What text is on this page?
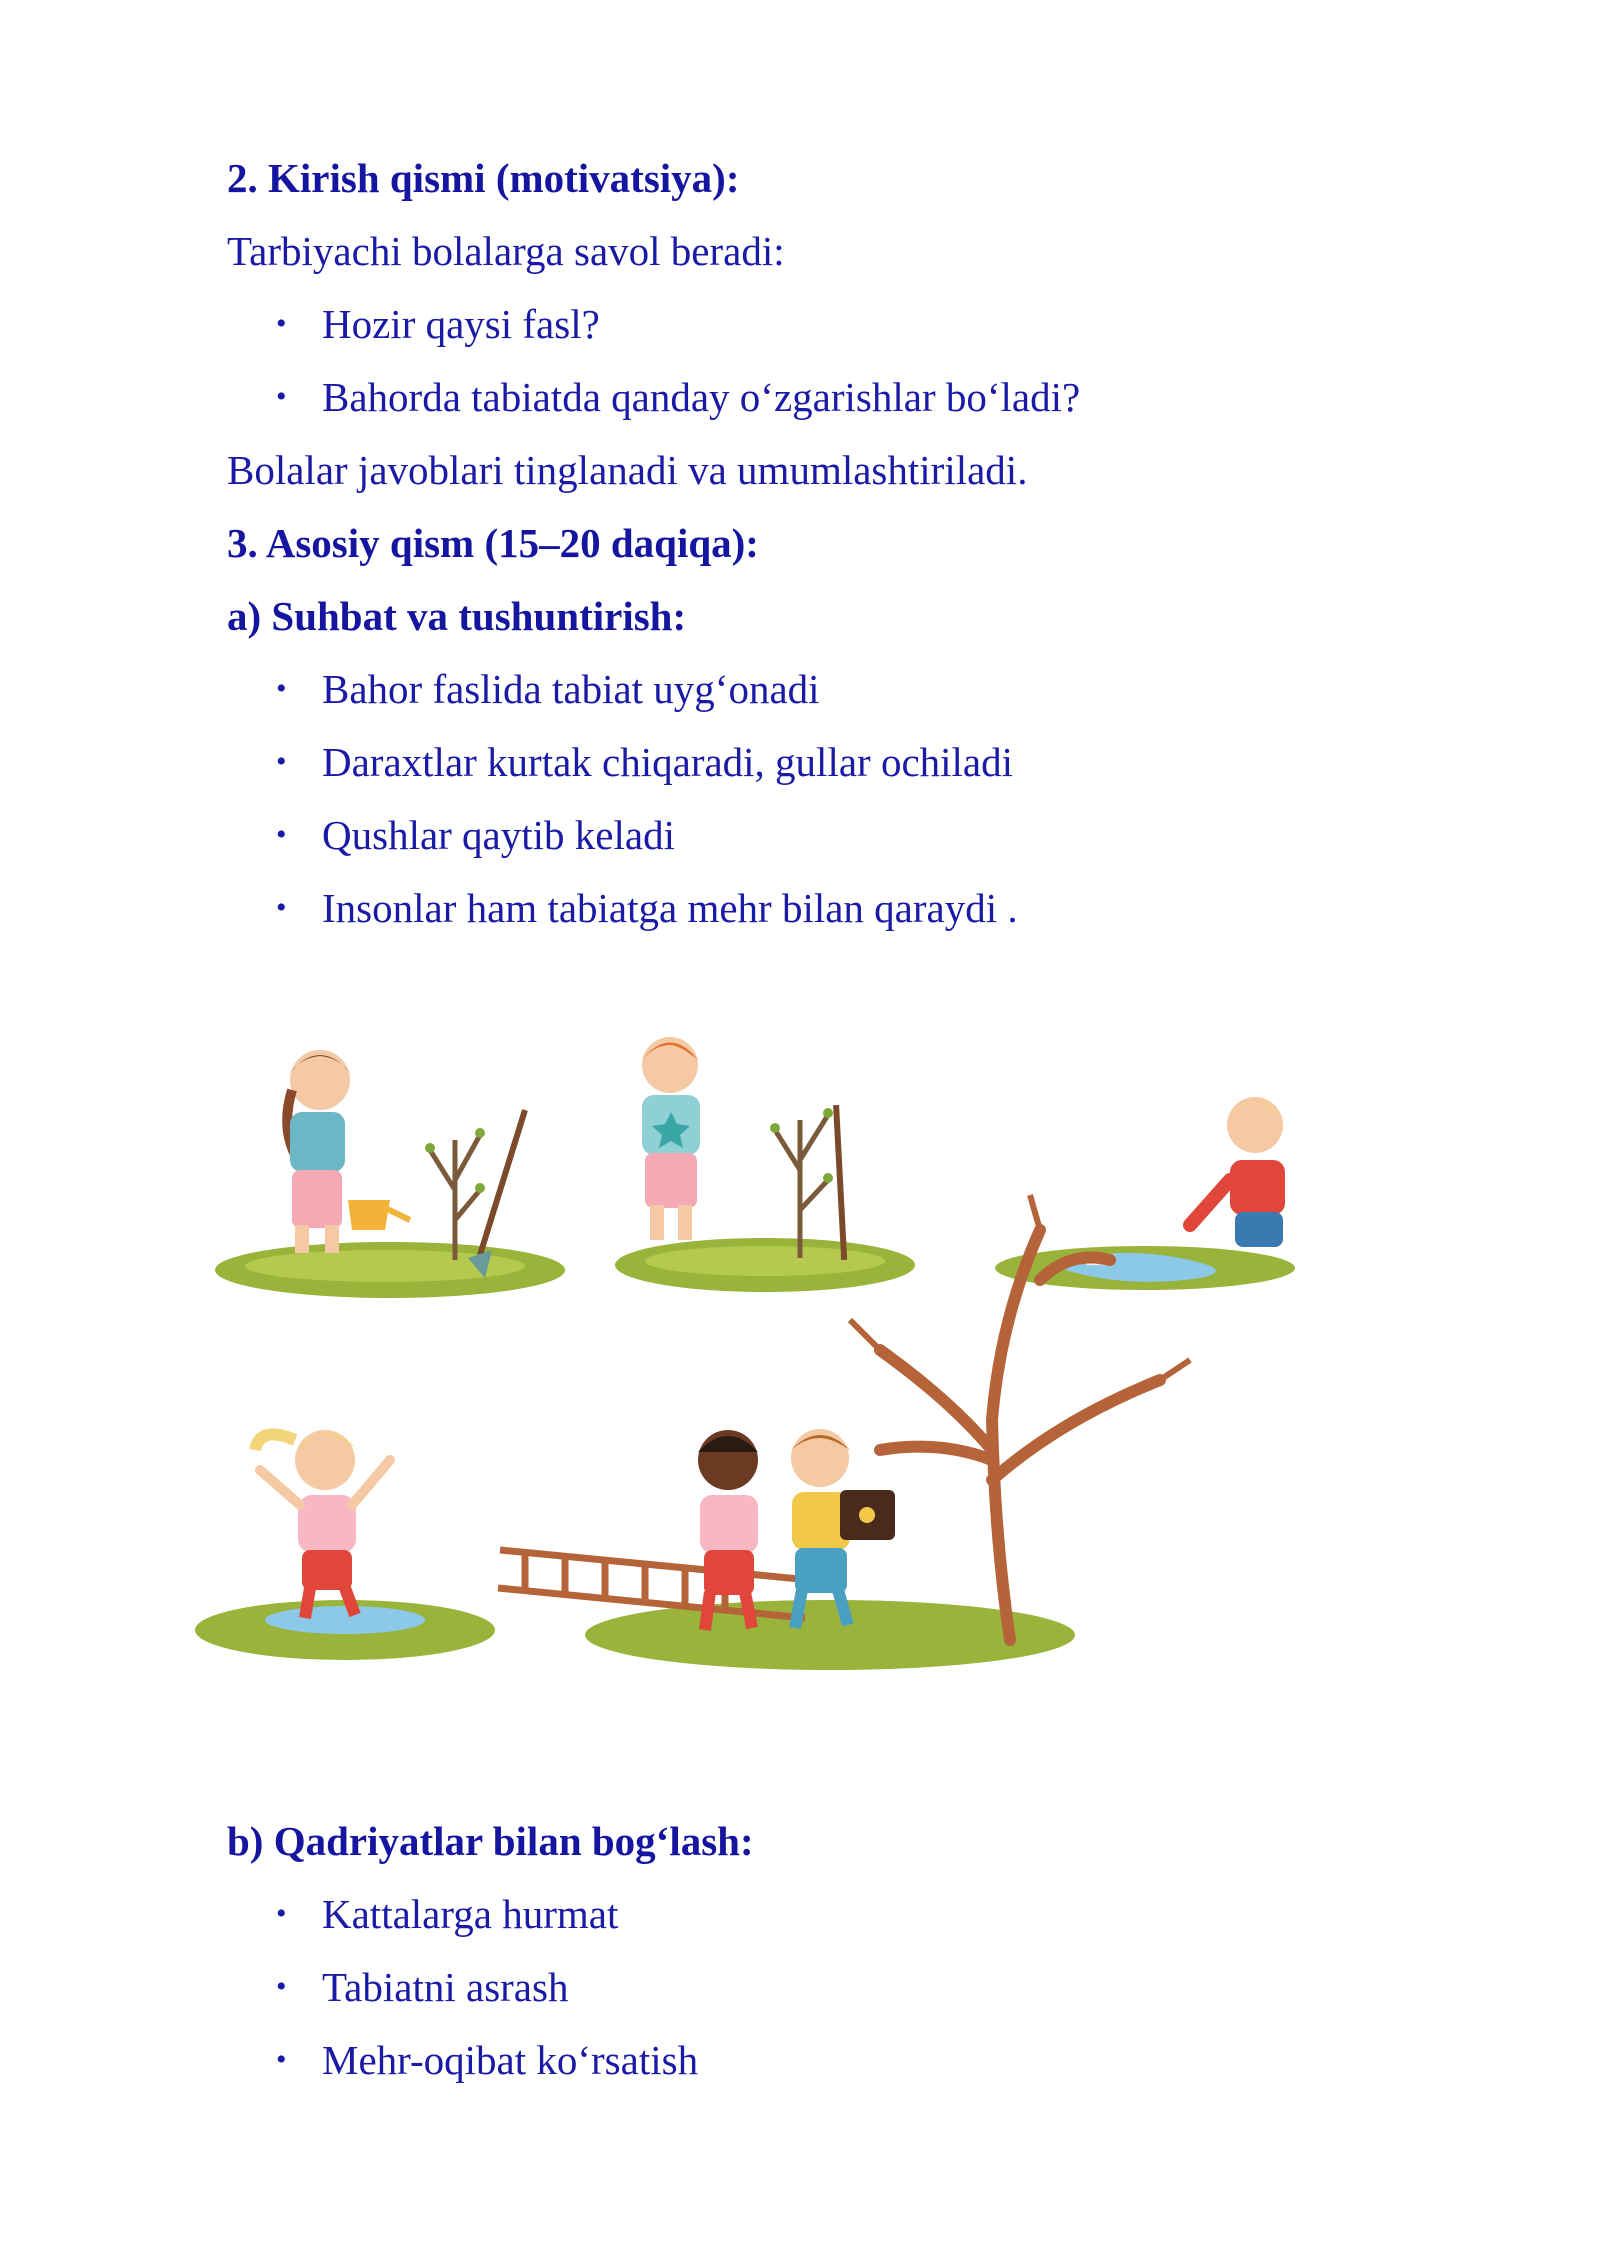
2. Kirish qismi (motivatsiya):
Tarbiyachi bolalarga savol beradi:
• Hozir qaysi fasl?
• Bahorda tabiatda qanday o‘zgarishlar bo‘ladi?
Bolalar javoblari tinglanadi va umumlashtiriladi.
3. Asosiy qism (15–20 daqiqa):
a) Suhbat va tushuntirish:
• Bahor faslida tabiat uyg‘onadi
• Daraxtlar kurtak chiqaradi, gullar ochiladi
• Qushlar qaytib keladi
• Insonlar ham tabiatga mehr bilan qaraydi .
b) Qadriyatlar bilan bog‘lash:
• Kattalarga hurmat
• Tabiatni asrash
• Mehr-oqibat ko‘rsatish
